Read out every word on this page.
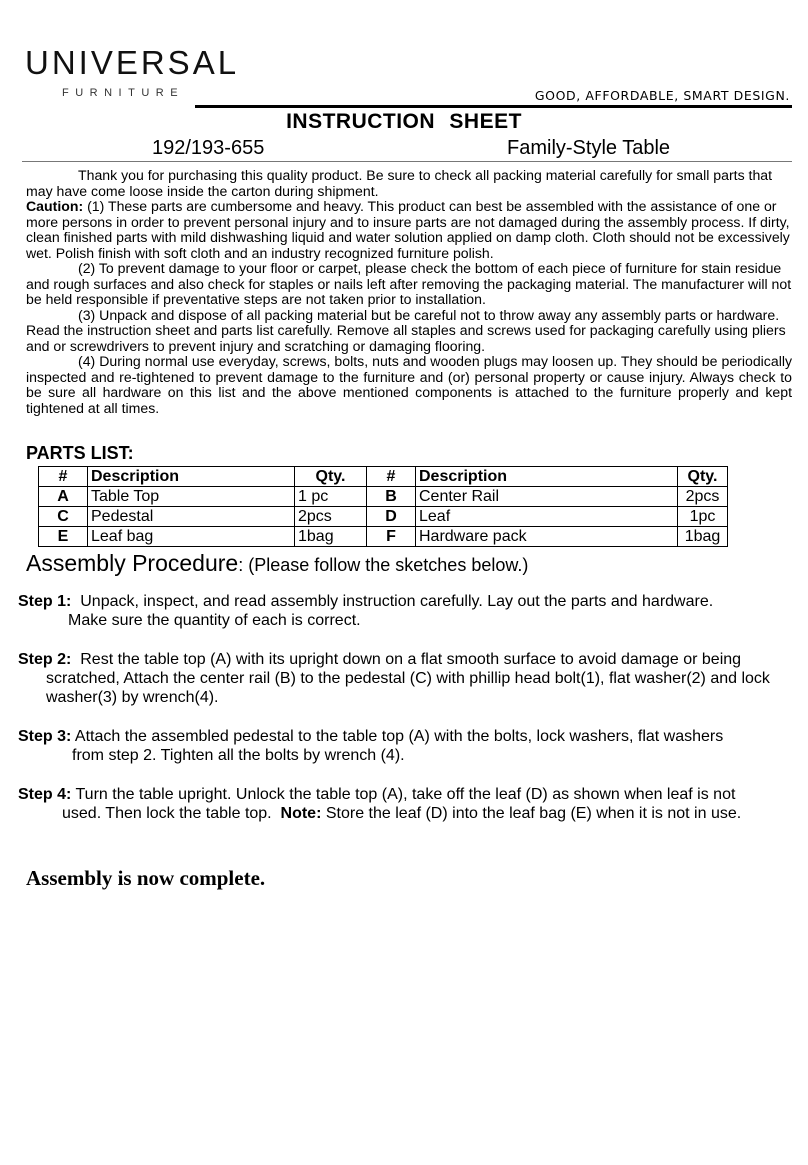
UNIVERSAL
FURNITURE	GOOD, AFFORDABLE, SMART DESIGN.
INSTRUCTION SHEET
192/193-655	Family-Style Table

Thank you for purchasing this quality product. Be sure to check all packing material carefully for small parts that may have come loose inside the carton during shipment.

Caution: (1) These parts are cumbersome and heavy. This product can best be assembled with the assistance of one or more persons in order to prevent personal injury and to insure parts are not damaged during the assembly process. If dirty, clean finished parts with mild dishwashing liquid and water solution applied on damp cloth. Cloth should not be excessively wet. Polish finish with soft cloth and an industry recognized furniture polish.

(2) To prevent damage to your floor or carpet, please check the bottom of each piece of furniture for stain residue and rough surfaces and also check for staples or nails left after removing the packaging material. The manufacturer will not be held responsible if preventative steps are not taken prior to installation.

(3) Unpack and dispose of all packing material but be careful not to throw away any assembly parts or hardware. Read the instruction sheet and parts list carefully. Remove all staples and screws used for packaging carefully using pliers and or screwdrivers to prevent injury and scratching or damaging flooring.

(4) During normal use everyday, screws, bolts, nuts and wooden plugs may loosen up. They should be periodically inspected and re-tightened to prevent damage to the furniture and (or) personal property or cause injury. Always check to be sure all hardware on this list and the above mentioned components is attached to the furniture properly and kept tightened at all times.

PARTS LIST:
#	Description	Qty.	#	Description	Qty.
A	Table Top	1 pc	B	Center Rail	2pcs
C	Pedestal	2pcs	D	Leaf	1pc
E	Leaf bag	1bag	F	Hardware pack	1bag
Assembly Procedure: (Please follow the sketches below.)
Step 1: Unpack, inspect, and read assembly instruction carefully. Lay out the parts and hardware.
Make sure the quantity of each is correct.
Step 2: Rest the table top (A) with its upright down on a flat smooth surface to avoid damage or being
scratched, Attach the center rail (B) to the pedestal (C) with phillip head bolt(1), flat washer(2) and lock washer(3) by wrench(4).
Step 3: Attach the assembled pedestal to the table top (A) with the bolts, lock washers, flat washers
from step 2. Tighten all the bolts by wrench (4).
Step 4: Turn the table upright. Unlock the table top (A), take off the leaf (D) as shown when leaf is not
used. Then lock the table top. Note: Store the leaf (D) into the leaf bag (E) when it is not in use.
Assembly is now complete.
